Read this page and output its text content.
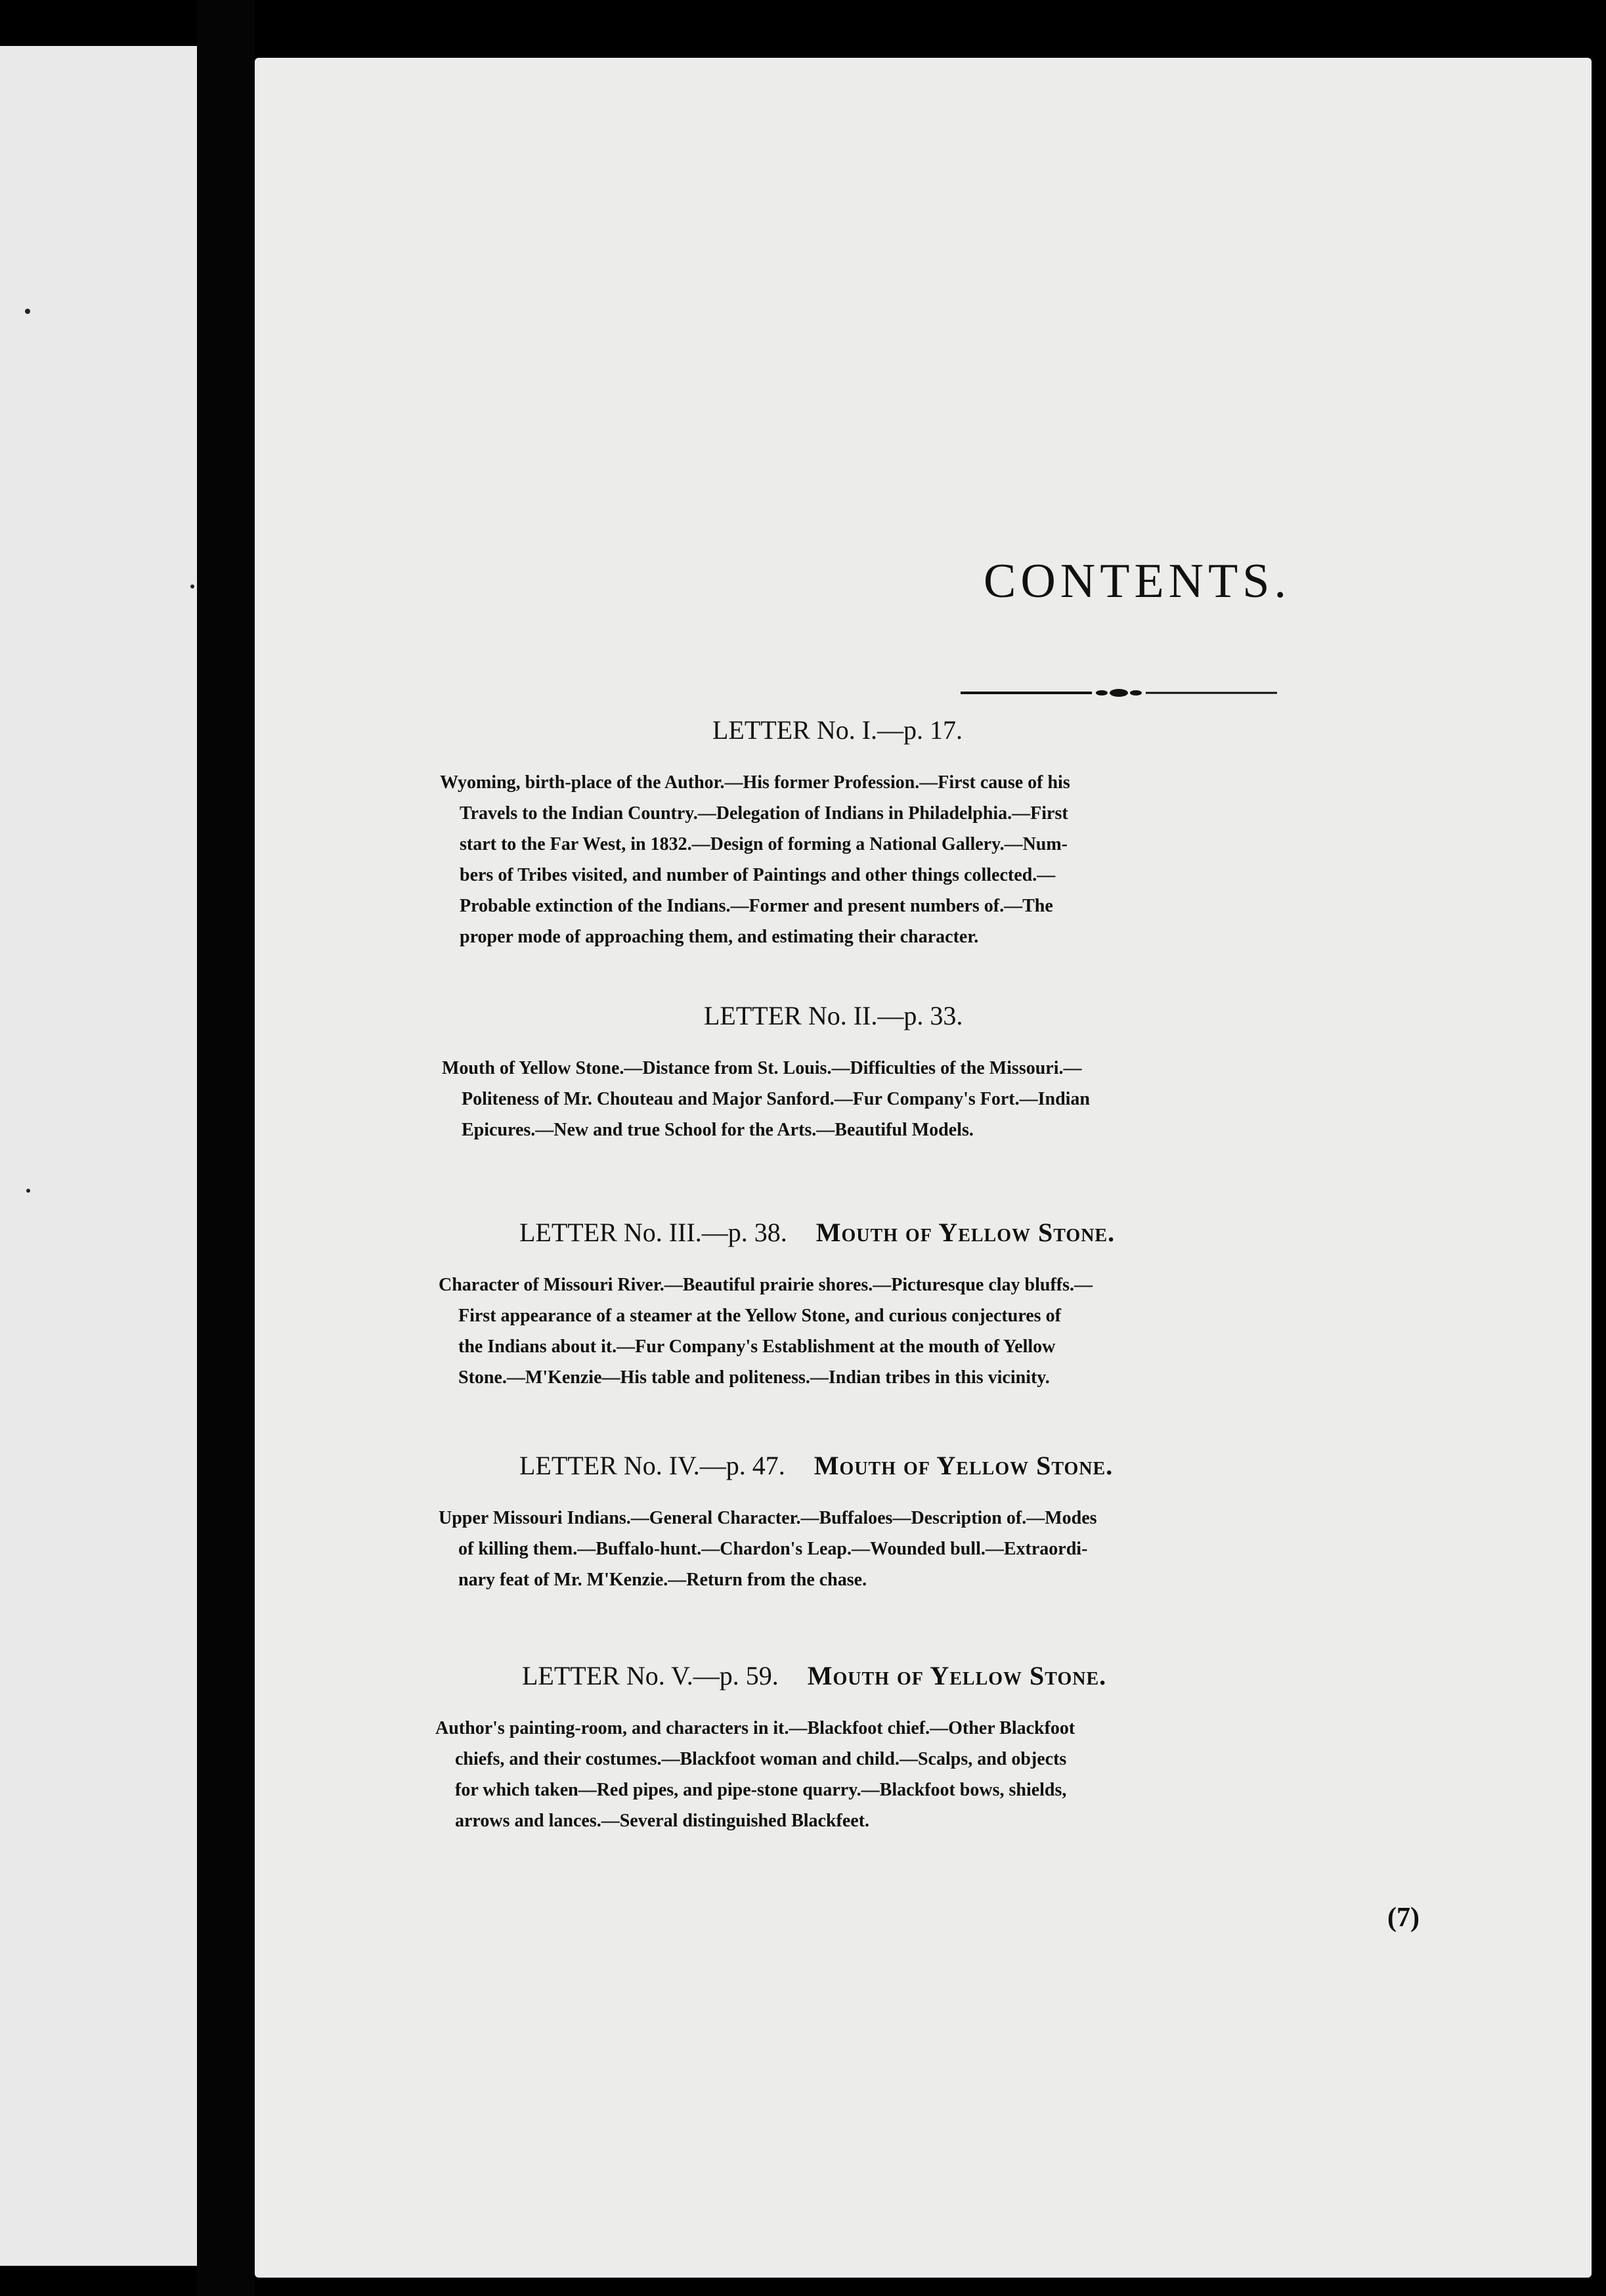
CONTENTS.
LETTER No. I.—p. 17.
Wyoming, birth-place of the Author.—His former Profession.—First cause of his
Travels to the Indian Country.—Delegation of Indians in Philadelphia.—First
start to the Far West, in 1832.—Design of forming a National Gallery.—Num-
bers of Tribes visited, and number of Paintings and other things collected.—
Probable extinction of the Indians.—Former and present numbers of.—The
proper mode of approaching them, and estimating their character.
LETTER No. II.—p. 33.
Mouth of Yellow Stone.—Distance from St. Louis.—Difficulties of the Missouri.—
Politeness of Mr. Chouteau and Major Sanford.—Fur Company's Fort.—Indian
Epicures.—New and true School for the Arts.—Beautiful Models.
LETTER No. III.—p. 38. Mouth of Yellow Stone.
Character of Missouri River.—Beautiful prairie shores.—Picturesque clay bluffs.—
First appearance of a steamer at the Yellow Stone, and curious conjectures of
the Indians about it.—Fur Company's Establishment at the mouth of Yellow
Stone.—M'Kenzie—His table and politeness.—Indian tribes in this vicinity.
LETTER No. IV.—p. 47. Mouth of Yellow Stone.
Upper Missouri Indians.—General Character.—Buffaloes—Description of.—Modes
of killing them.—Buffalo-hunt.—Chardon's Leap.—Wounded bull.—Extraordi-
nary feat of Mr. M'Kenzie.—Return from the chase.
LETTER No. V.—p. 59. Mouth of Yellow Stone.
Author's painting-room, and characters in it.—Blackfoot chief.—Other Blackfoot
chiefs, and their costumes.—Blackfoot woman and child.—Scalps, and objects
for which taken—Red pipes, and pipe-stone quarry.—Blackfoot bows, shields,
arrows and lances.—Several distinguished Blackfeet.
(7)
